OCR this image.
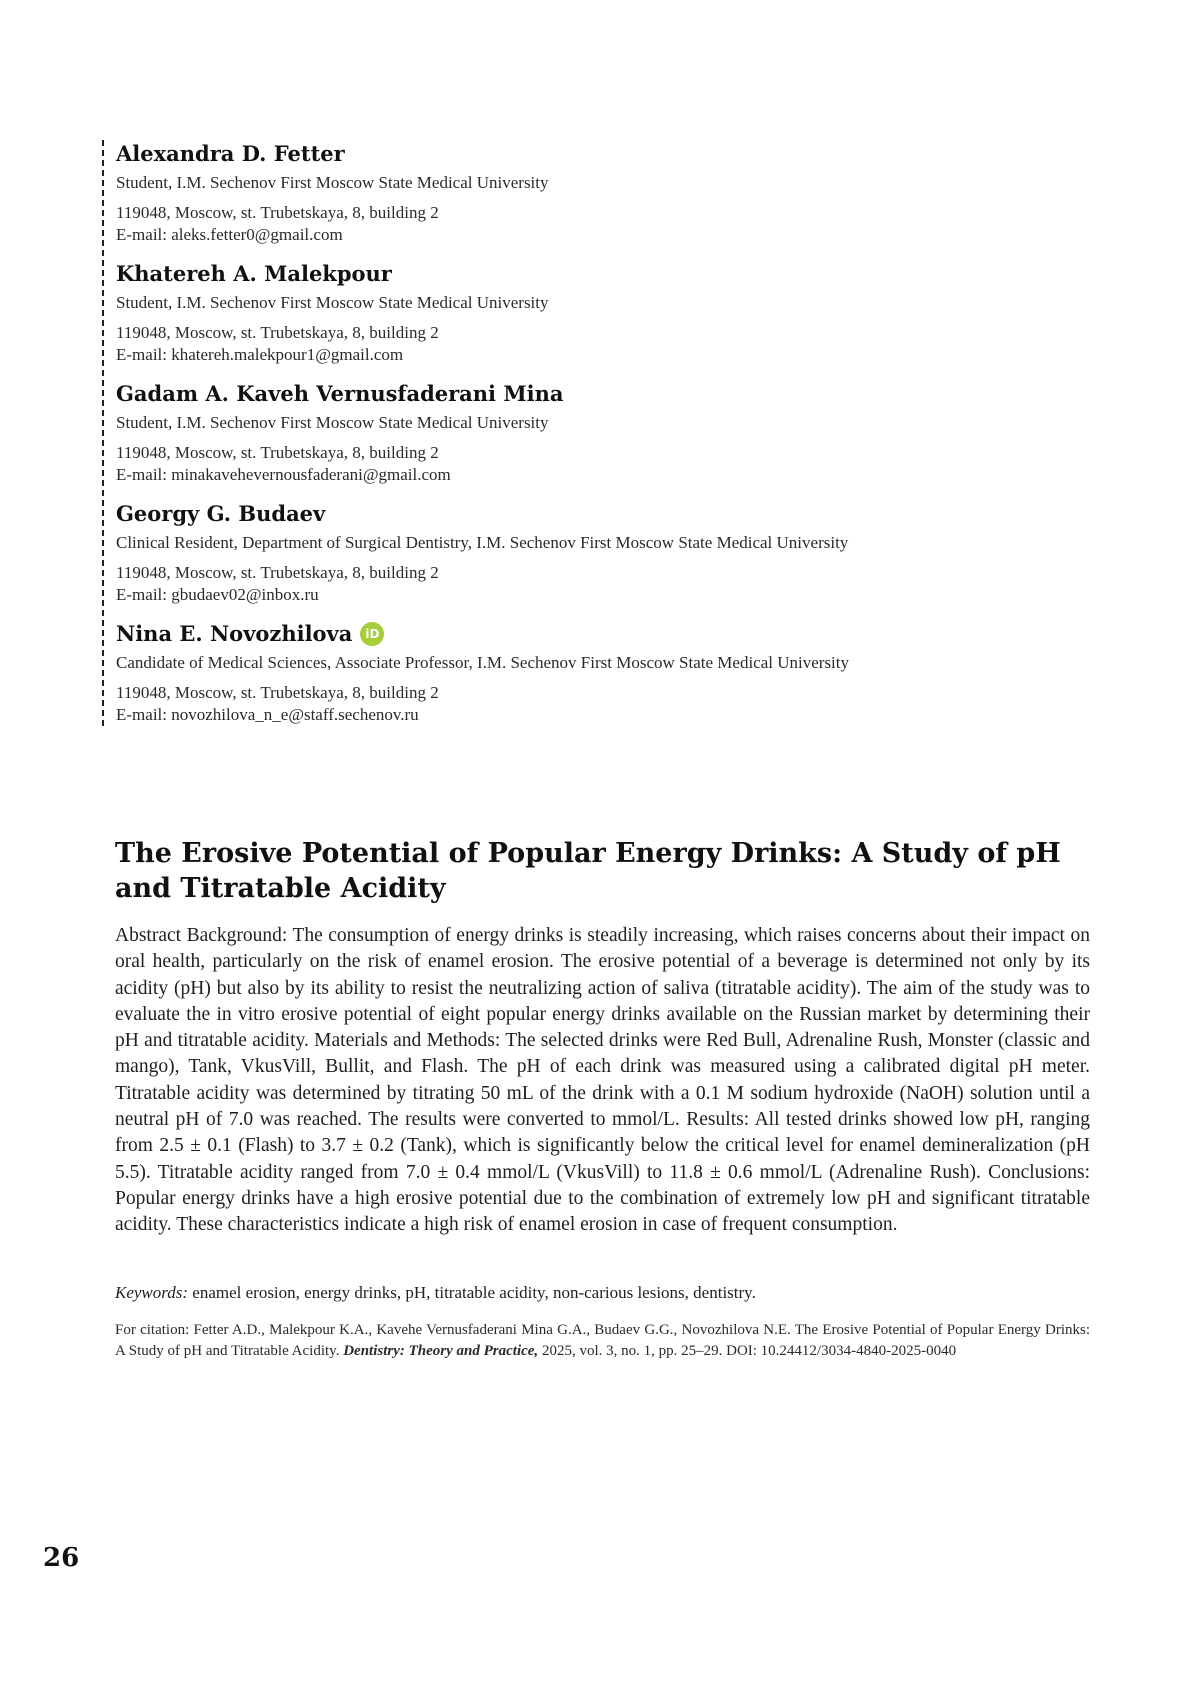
Alexandra D. Fetter

Student, I.M. Sechenov First Moscow State Medical University

119048, Moscow, st. Trubetskaya, 8, building 2

E-mail: aleks.fetter0@gmail.com

Khatereh A. Malekpour

Student, I.M. Sechenov First Moscow State Medical University

119048, Moscow, st. Trubetskaya, 8, building 2

E-mail: khatereh.malekpour1@gmail.com

Gadam A. Kaveh Vernusfaderani Mina

Student, I.M. Sechenov First Moscow State Medical University

119048, Moscow, st. Trubetskaya, 8, building 2

E-mail: minakavehevernousfaderani@gmail.com

Georgy G. Budaev

Clinical Resident, Department of Surgical Dentistry, I.M. Sechenov First Moscow State Medical University

119048, Moscow, st. Trubetskaya, 8, building 2

E-mail: gbudaev02@inbox.ru

Nina E. Novozhilova	iD

Candidate of Medical Sciences, Associate Professor, I.M. Sechenov First Moscow State Medical University

119048, Moscow, st. Trubetskaya, 8, building 2

E-mail: novozhilova_n_e@staff.sechenov.ru

The Erosive Potential of Popular Energy Drinks: A Study of pH and Titratable Acidity

Abstract Background: The consumption of energy drinks is steadily increasing, which raises concerns about their impact on oral health, particularly on the risk of enamel erosion. The erosive potential of a beverage is determined not only by its acidity (pH) but also by its ability to resist the neutralizing action of saliva (titratable acidity). The aim of the study was to evaluate the in vitro erosive potential of eight popular energy drinks available on the Russian market by determining their pH and titratable acidity. Materials and Methods: The selected drinks were Red Bull, Adrenaline Rush, Monster (classic and mango), Tank, VkusVill, Bullit, and Flash. The pH of each drink was measured using a calibrated digital pH meter. Titratable acidity was determined by titrating 50 mL of the drink with a 0.1 M sodium hydroxide (NaOH) solution until a neutral pH of 7.0 was reached. The results were converted to mmol/L. Results: All tested drinks showed low pH, ranging from 2.5 ± 0.1 (Flash) to 3.7 ± 0.2 (Tank), which is significantly below the critical level for enamel demineralization (pH 5.5). Titratable acidity ranged from 7.0 ± 0.4 mmol/L (VkusVill) to 11.8 ± 0.6 mmol/L (Adrenaline Rush). Conclusions: Popular energy drinks have a high erosive potential due to the combination of extremely low pH and significant titratable acidity. These characteristics indicate a high risk of enamel erosion in case of frequent consumption.

Keywords: enamel erosion, energy drinks, pH, titratable acidity, non-carious lesions, dentistry.

For citation: Fetter A.D., Malekpour K.A., Kavehe Vernusfaderani Mina G.A., Budaev G.G., Novozhilova N.E. The Erosive Potential of Popular Energy Drinks: A Study of pH and Titratable Acidity. Dentistry: Theory and Practice, 2025, vol. 3, no. 1, pp. 25–29. DOI: 10.24412/3034-4840-2025-0040

26
